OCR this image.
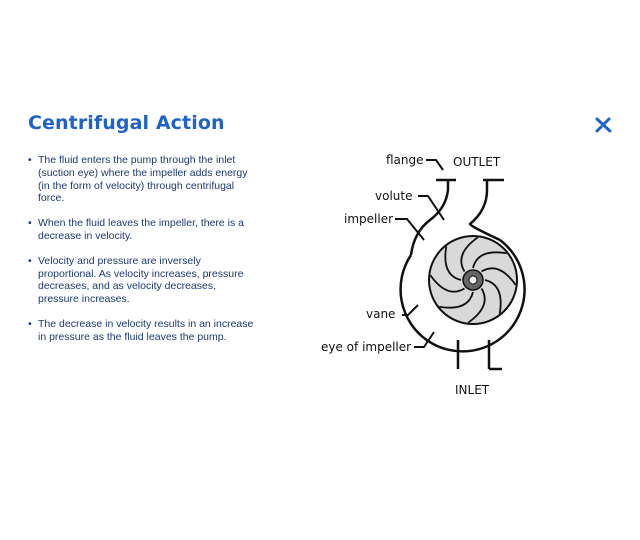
Centrifugal Action
• The fluid enters the pump through the inlet (suction eye) where the impeller adds energy (in the form of velocity) through centrifugal force.
• When the fluid leaves the impeller, there is a decrease in velocity.
• Velocity and pressure are inversely proportional. As velocity increases, pressure decreases, and as velocity decreases, pressure increases.
• The decrease in velocity results in an increase in pressure as the fluid leaves the pump.
flange OUTLET
volute
impeller
vane
eye of impeller
INLET
